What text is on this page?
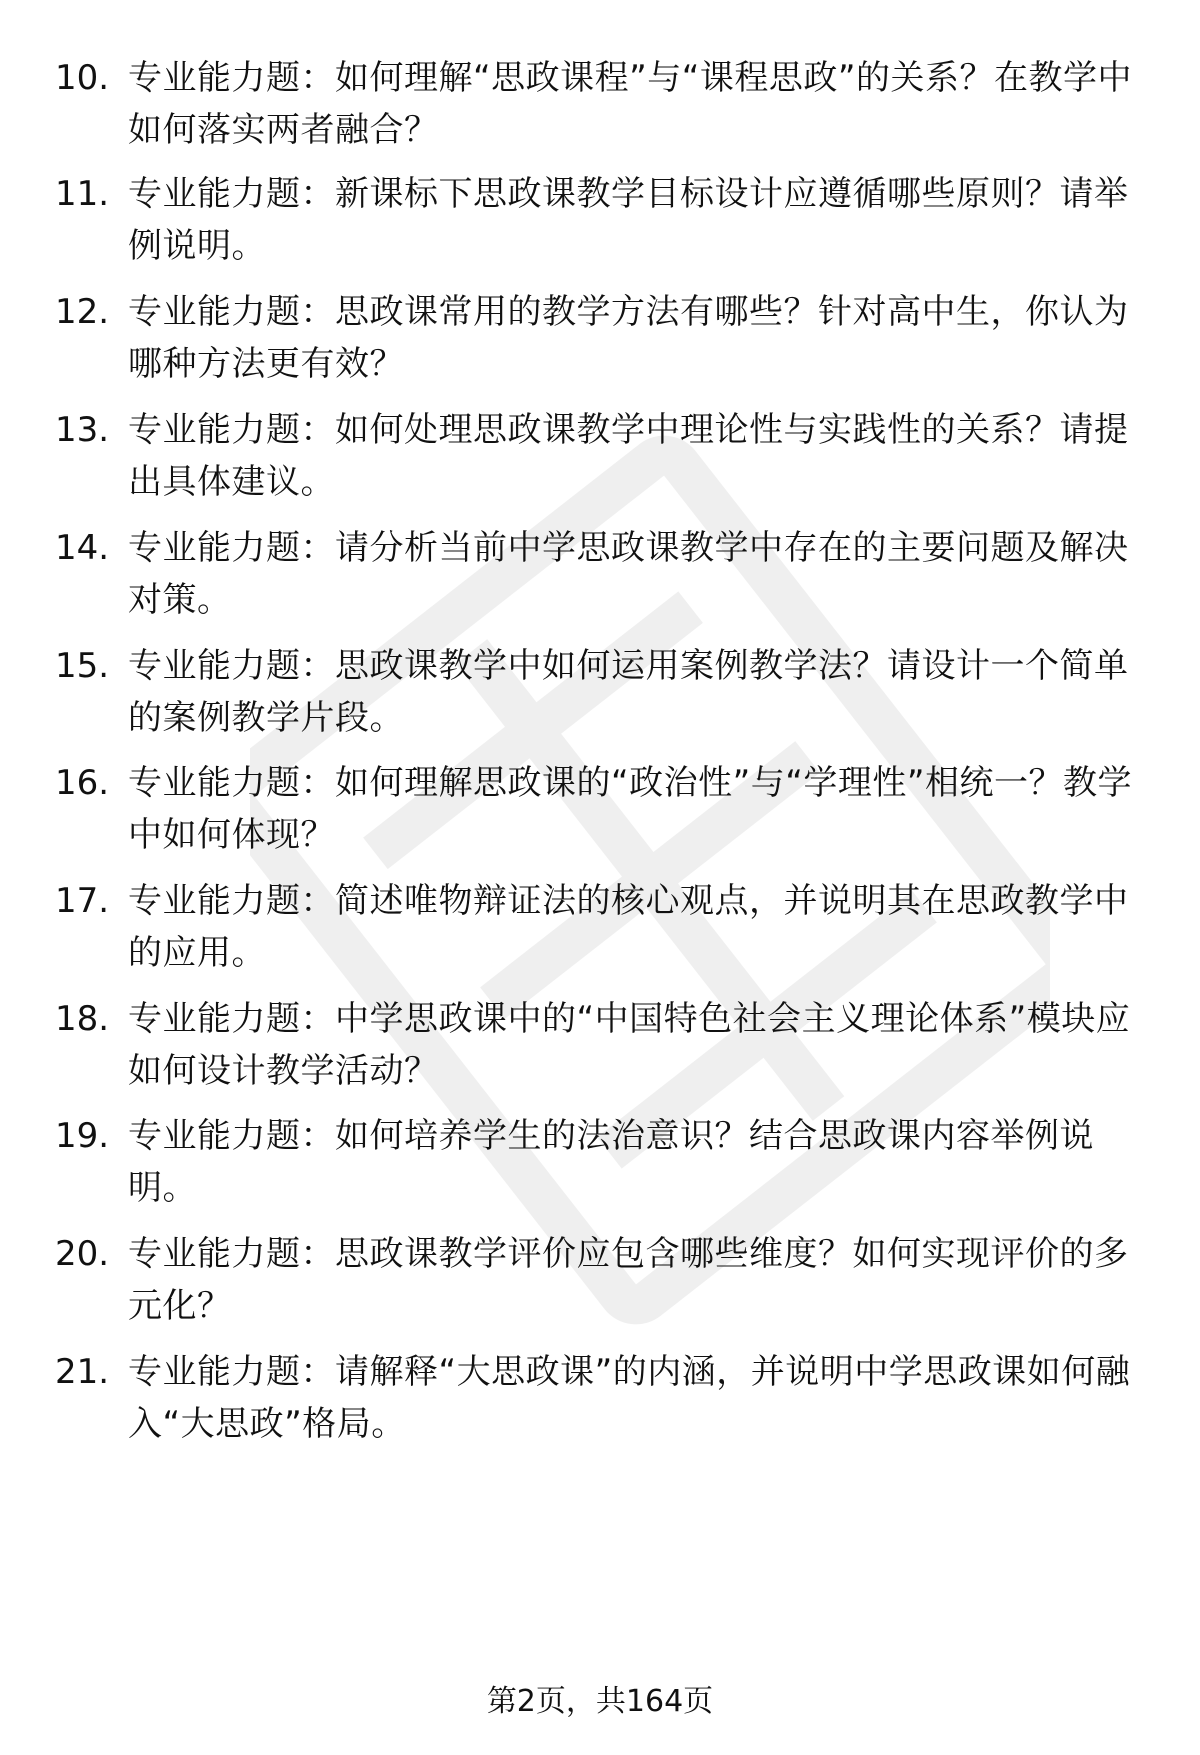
10. 专业能力题：如何理解“思政课程”与“课程思政”的关系？在教学中如何落实两者融合？
11. 专业能力题：新课标下思政课教学目标设计应遵循哪些原则？请举例说明。
12. 专业能力题：思政课常用的教学方法有哪些？针对高中生，你认为哪种方法更有效？
13. 专业能力题：如何处理思政课教学中理论性与实践性的关系？请提出具体建议。
14. 专业能力题：请分析当前中学思政课教学中存在的主要问题及解决对策。
15. 专业能力题：思政课教学中如何运用案例教学法？请设计一个简单的案例教学片段。
16. 专业能力题：如何理解思政课的“政治性”与“学理性”相统一？教学中如何体现？
17. 专业能力题：简述唯物辩证法的核心观点，并说明其在思政教学中的应用。
18. 专业能力题：中学思政课中的“中国特色社会主义理论体系”模块应如何设计教学活动？
19. 专业能力题：如何培养学生的法治意识？结合思政课内容举例说明。
20. 专业能力题：思政课教学评价应包含哪些维度？如何实现评价的多元化？
21. 专业能力题：请解释“大思政课”的内涵，并说明中学思政课如何融入“大思政”格局。
第2页，共164页
